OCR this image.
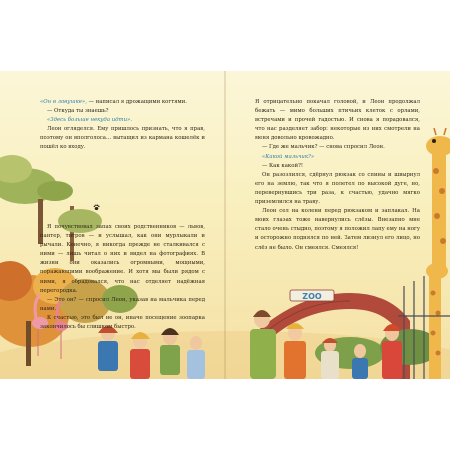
ZOO

«Он в ловушке», — написал я дрожащими когтями.

— Откуда ты знаешь?

«Здесь больше некуда идти».

Леон огляделся. Ему пришлось признать, что я прав, поэтому он вполголоса... вытащил из кармана кошелёк и пошёл ко входу.

Я почувствовал запах своих родственников — львов, пантер, тигров — и услышал, как они мурлыкали и рычали. Конечно, я никогда прежде не сталкивался с ними — лишь читал о них и видел на фотографиях. В жизни они оказались огромными, мощными, поражающими воображение. И хотя мы были рядом с ними, я обрадовался, что нас отделяет надёжная перегородка.

— Это он? — спросил Леон, указав на мальчика перед нами.

К счастью, это был не он, иначе посещение зоопарка закончилось бы слишком быстро.

Я отрицательно покачал головой, и Леон продолжал бежать — мимо больших птичьих клеток с орлами, встречами и прочей гадостью. И снова я порадовался, что нас разделяет забор: некоторые из них смотрели на меня довольно кровожадно.

— Где же мальчик? — снова спросил Леон.

«Какой мальчик?»

— Как какой?!

Он разозлился, сдёрнул рюкзак со спины и швырнул его на землю, так что я полетел по высокой дуге, но, перевернувшись три раза, к счастью, удачно мягко приземлился на траву.

Леон сел на колени перед рюкзаком и заплакал. На моих глазах тоже навернулись слёзы. Внезапно мне стало очень стыдно, поэтому я положил лапу ему на ногу и осторожно поднялся по ней. Затем лизнул его лицо, но слёз не было. Он смеялся. Смеялся!
